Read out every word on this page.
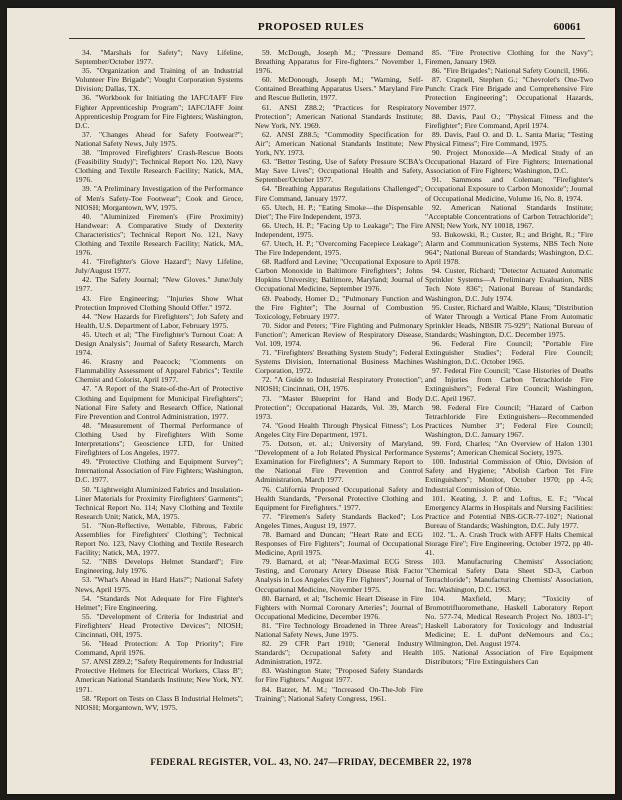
PROPOSED RULES	60061

34. "Marshals for Safety"; Navy Lifeline, September/October 1977.

35. "Organization and Training of an Industrial Volunteer Fire Brigade"; Vought Corporation Systems Division; Dallas, TX.

36. "Workbook for Initiating the IAFC/IAFF Fire Fighter Apprenticeship Program"; IAFC/IAFF Joint Apprenticeship Program for Fire Fighters; Washington, D.C.

37. "Changes Ahead for Safety Footwear?"; National Safety News, July 1975.

38. "Improved Firefighters' Crash-Rescue Boots (Feasibility Study)"; Technical Report No. 120, Navy Clothing and Textile Research Facility; Natick, MA, 1976.

39. "A Preliminary Investigation of the Performance of Men's Safety-Toe Footwear"; Cook and Groce, NIOSH; Morgantown, WV, 1975.

40. "Aluminized Firemen's (Fire Proximity) Handwear: A Comparative Study of Dexterity Characteristics"; Technical Report No. 121, Navy Clothing and Textile Research Facility; Natick, MA, 1976.

41. "Firefighter's Glove Hazard"; Navy Lifeline, July/August 1977.

42. The Safety Journal; "New Gloves." June/July 1977.

43. Fire Engineering; "Injuries Show What Protection Improved Clothing Should Offer." 1972.

44. "New Hazards for Firefighters"; Job Safety and Health, U.S. Department of Labor, February 1975.

45. Utech et al; "The Firefighter's Turnout Coat: A Design Analysis"; Journal of Safety Research, March 1974.

46. Krasny and Peacock; "Comments on Flammability Assessment of Apparel Fabrics"; Textile Chemist and Colorist, April 1977.

47. "A Report of the State-of-the-Art of Protective Clothing and Equipment for Municipal Firefighters"; National Fire Safety and Research Office, National Fire Prevention and Control Administration, 1977.

48. "Measurement of Thermal Performance of Clothing Used by Firefighters With Some Interpretations"; Geoscience LTD, for United Firefighters of Los Angeles, 1977.

49. "Protective Clothing and Equipment Survey"; International Association of Fire Fighters; Washington, D.C. 1977.

50. "Lightweight Aluminized Fabrics and Insulation-Liner Materials for Proximity Firefighters' Garments"; Technical Report No. 114; Navy Clothing and Textile Research Unit; Natick, MA, 1975.

51. "Non-Reflective, Wettable, Fibrous, Fabric Assemblies for Firefighters' Clothing"; Technical Report No. 123, Navy Clothing and Textile Research Facility; Natick, MA, 1977.

52. "NBS Develops Helmet Standard"; Fire Engineering, July 1976.

53. "What's Ahead in Hard Hats?"; National Safety News, April 1975.

54. "Standards Not Adequate for Fire Fighter's Helmet"; Fire Engineering.

55. "Development of Criteria for Industrial and Firefighters' Head Protective Devices"; NIOSH; Cincinnati, OH, 1975.

56. "Head Protection: A Top Priority"; Fire Command, April 1976.

57. ANSI Z89.2; "Safety Requirements for Industrial Protective Helmets for Electrical Workers, Class B"; American National Standards Institute; New York, NY. 1971.

58. "Report on Tests on Class B Industrial Helmets"; NIOSH; Morgantown, WV, 1975.

59. McDough, Joseph M.; "Pressure Demand Breathing Apparatus for Fire-fighters." November 1, 1976.

60. McDonough, Joseph M.; "Warning, Self-Contained Breathing Apparatus Users." Maryland Fire and Rescue Bulletin, 1977.

61. ANSI Z88.2; "Practices for Respiratory Protection"; American National Standards Institute; New York, NY. 1969.

62. ANSI Z88.5; "Commodity Specification for Air"; American National Standards Institute; New York, NY. 1973.

63. "Better Testing, Use of Safety Pressure SCBA's May Save Lives"; Occupational Health and Safety, September/October 1977.

64. "Breathing Apparatus Regulations Challenged"; Fire Command, January 1977.

65. Utech, H. P.; "Eating Smoke—the Dispensable Diet"; The Fire Independent, 1973.

66. Utech, H. P.; "Facing Up to Leakage"; The Fire Independent, 1975.

67. Utech, H. P.; "Overcoming Facepiece Leakage"; The Fire Independent, 1975.

68. Radford and Levine; "Occupational Exposure to Carbon Monoxide in Baltimore Firefighters"; Johns Hopkins University; Baltimore, Maryland; Journal of Occupational Medicine, September 1976.

69. Peabody, Homer D.; "Pulmonary Function and the Fire Fighter"; The Journal of Combustion Toxicology, February 1977.

70. Sidor and Peters; "Fire Fighting and Pulmonary Function"; American Review of Respiratory Disease, Vol. 109, 1974.

71. "Firefighters' Breathing System Study"; Federal Systems Division, International Business Machines Corporation, 1972.

72. "A Guide to Industrial Respiratory Protection"; NIOSH; Cincinnati, OH, 1976.

73. "Master Blueprint for Hand and Body Protection"; Occupational Hazards, Vol. 39, March 1973.

74. "Good Health Through Physical Fitness"; Los Angeles City Fire Department, 1971.

75. Dotson, et. al.; University of Maryland, "Development of a Job Related Physical Performance Examination for Firefighters"; A Summary Report to the National Fire Prevention and Control Administration, March 1977.

76. California Proposed Occupational Safety and Health Standards, "Personal Protective Clothing and Equipment for Firefighters." 1977.

77. "Firemen's Safety Standards Backed"; Los Angeles Times, August 19, 1977.

78. Barnard and Duncan; "Heart Rate and ECG Responses of Fire Fighters"; Journal of Occupational Medicine, April 1975.

79. Barnard, et al; "Near-Maximal ECG Stress Testing, and Coronary Artery Disease Risk Factor Analysis in Los Angeles City Fire Fighters"; Journal of Occupational Medicine, November 1975.

80. Barnard, et al; "Ischemic Heart Disease in Fire Fighters with Normal Coronary Arteries"; Journal of Occupational Medicine, December 1976.

81. "Fire Technology Broadened in Three Areas"; National Safety News, June 1975.

82. 29 CFR Part 1910; "General Industry Standards"; Occupational Safety and Health Administration, 1972.

83. Washington State; "Proposed Safety Standards for Fire Fighters." August 1977.

84. Batzer, M. M.; "Increased On-The-Job Fire Training"; National Safety Congress, 1961.

85. "Fire Protective Clothing for the Navy"; Firemen, January 1969.

86. "Fire Brigades"; National Safety Council, 1966.

87. Crapnell, Stephen G.; "Chevrolet's One-Two Punch: Crack Fire Brigade and Comprehensive Fire Protection Engineering"; Occupational Hazards, November 1977.

88. Davis, Paul O.; "Physical Fitness and the Firefighter"; Fire Command, April 1974.

89. Davis, Paul O. and D. L. Santa Maria; "Testing Physical Fitness"; Fire Command, 1975.

90. Project Monoxide—A Medical Study of an Occupational Hazard of Fire Fighters; International Association of Fire Fighters; Washington, D.C.

91. Sammons and Coleman; "Firefighter's Occupational Exposure to Carbon Monoxide"; Journal of Occupational Medicine, Volume 16, No. 8, 1974.

92. American National Standards Institute; "Acceptable Concentrations of Carbon Tetrachloride"; ANSI; New York, NY 10018, 1967.

93. Bukowski, R.; Custer, R.; and Bright, R.; "Fire Alarm and Communication Systems, NBS Tech Note 964"; National Bureau of Standards; Washington, D.C. April 1978.

94. Custer, Richard; "Detector Actuated Automatic Sprinkler Systems—A Preliminary Evaluation, NBS Tech Note 836"; National Bureau of Standards; Washington, D.C. July 1974.

95. Custer, Richard and Waible, Klaus; "Distribution of Water Through a Vertical Plane From Automatic Sprinkler Heads, NBSIR 75-929"; National Bureau of Standards; Washington, D.C. December 1975.

96. Federal Fire Council; "Portable Fire Extinguisher Studies"; Federal Fire Council; Washington, D.C. October 1965.

97. Federal Fire Council; "Case Histories of Deaths and Injuries from Carbon Tetrachloride Fire Extinguishers"; Federal Fire Council; Washington, D.C. April 1967.

98. Federal Fire Council; "Hazard of Carbon Tetrachloride Fire Extinguishers—Recommended Practices Number 3"; Federal Fire Council; Washington, D.C. January 1967.

99. Ford, Charles; "An Overview of Halon 1301 Systems"; American Chemical Society, 1975.

100. Industrial Commission of Ohio, Division of Safety and Hygiene; "Abolish Carbon Tet Fire Extinguishers"; Monitor, October 1970; pp 4-5; Industrial Commission of Ohio.

101. Keating, J. P. and Loftus, E. F.; "Vocal Emergency Alarms in Hospitals and Nursing Facilities: Practice and Potential NBS-GCR-77-102"; National Bureau of Standards; Washington, D.C. July 1977.

102. "L. A. Crash Truck with AFFF Halts Chemical Storage Fire"; Fire Engineering, October 1972, pp 40-41.

103. Manufacturing Chemists' Association; "Chemical Safety Data Sheet SD-3, Carbon Tetrachloride"; Manufacturing Chemists' Association, Inc. Washington, D.C. 1963.

104. Maxfield, Mary; "Toxicity of Bromotrifluoromethane, Haskell Laboratory Report No. 577-74, Medical Research Project No. 1803-1"; Haskell Laboratory for Toxicology and Industrial Medicine; E. I. duPont deNemours and Co.; Wilmington, Del. August 1974.

105. National Association of Fire Equipment Distributors; "Fire Extinguishers Can

FEDERAL REGISTER, VOL. 43, NO. 247—FRIDAY, DECEMBER 22, 1978
